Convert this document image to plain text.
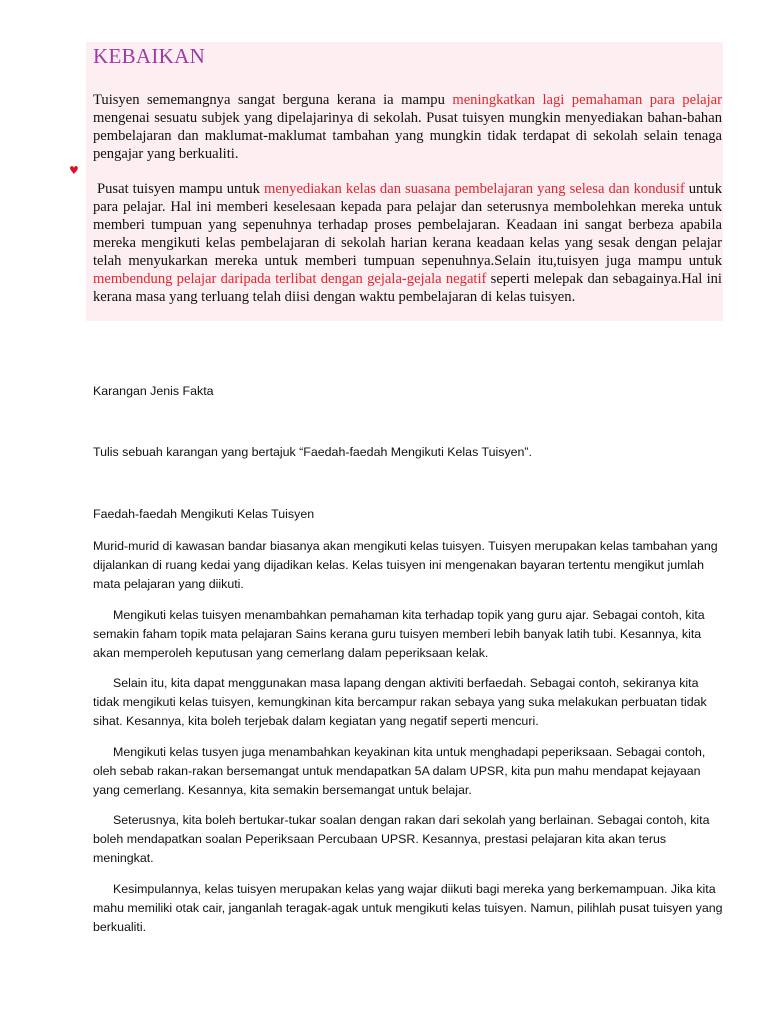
KEBAIKAN

Tuisyen sememangnya sangat berguna kerana ia mampu meningkatkan lagi pemahaman para pelajar mengenai sesuatu subjek yang dipelajarinya di sekolah. Pusat tuisyen mungkin menyediakan bahan-bahan pembelajaran dan maklumat-maklumat tambahan yang mungkin tidak terdapat di sekolah selain tenaga pengajar yang berkualiti.

♥

Pusat tuisyen mampu untuk menyediakan kelas dan suasana pembelajaran yang selesa dan kondusif untuk para pelajar. Hal ini memberi keselesaan kepada para pelajar dan seterusnya membolehkan mereka untuk memberi tumpuan yang sepenuhnya terhadap proses pembelajaran. Keadaan ini sangat berbeza apabila mereka mengikuti kelas pembelajaran di sekolah harian kerana keadaan kelas yang sesak dengan pelajar telah menyukarkan mereka untuk memberi tumpuan sepenuhnya.Selain itu,tuisyen juga mampu untuk membendung pelajar daripada terlibat dengan gejala-gejala negatif seperti melepak dan sebagainya.Hal ini kerana masa yang terluang telah diisi dengan waktu pembelajaran di kelas tuisyen.

Karangan Jenis Fakta

Tulis sebuah karangan yang bertajuk “Faedah-faedah Mengikuti Kelas Tuisyen”.

Faedah-faedah Mengikuti Kelas Tuisyen

Murid-murid di kawasan bandar biasanya akan mengikuti kelas tuisyen. Tuisyen merupakan kelas tambahan yang dijalankan di ruang kedai yang dijadikan kelas. Kelas tuisyen ini mengenakan bayaran tertentu mengikut jumlah mata pelajaran yang diikuti.

Mengikuti kelas tuisyen menambahkan pemahaman kita terhadap topik yang guru ajar. Sebagai contoh, kita semakin faham topik mata pelajaran Sains kerana guru tuisyen memberi lebih banyak latih tubi. Kesannya, kita akan memperoleh keputusan yang cemerlang dalam peperiksaan kelak.

Selain itu, kita dapat menggunakan masa lapang dengan aktiviti berfaedah. Sebagai contoh, sekiranya kita tidak mengikuti kelas tuisyen, kemungkinan kita bercampur rakan sebaya yang suka melakukan perbuatan tidak sihat. Kesannya, kita boleh terjebak dalam kegiatan yang negatif seperti mencuri.

Mengikuti kelas tusyen juga menambahkan keyakinan kita untuk menghadapi peperiksaan. Sebagai contoh, oleh sebab rakan-rakan bersemangat untuk mendapatkan 5A dalam UPSR, kita pun mahu mendapat kejayaan yang cemerlang. Kesannya, kita semakin bersemangat untuk belajar.

Seterusnya, kita boleh bertukar-tukar soalan dengan rakan dari sekolah yang berlainan. Sebagai contoh, kita boleh mendapatkan soalan Peperiksaan Percubaan UPSR. Kesannya, prestasi pelajaran kita akan terus meningkat.

Kesimpulannya, kelas tuisyen merupakan kelas yang wajar diikuti bagi mereka yang berkemampuan. Jika kita mahu memiliki otak cair, janganlah teragak-agak untuk mengikuti kelas tuisyen. Namun, pilihlah pusat tuisyen yang berkualiti.
